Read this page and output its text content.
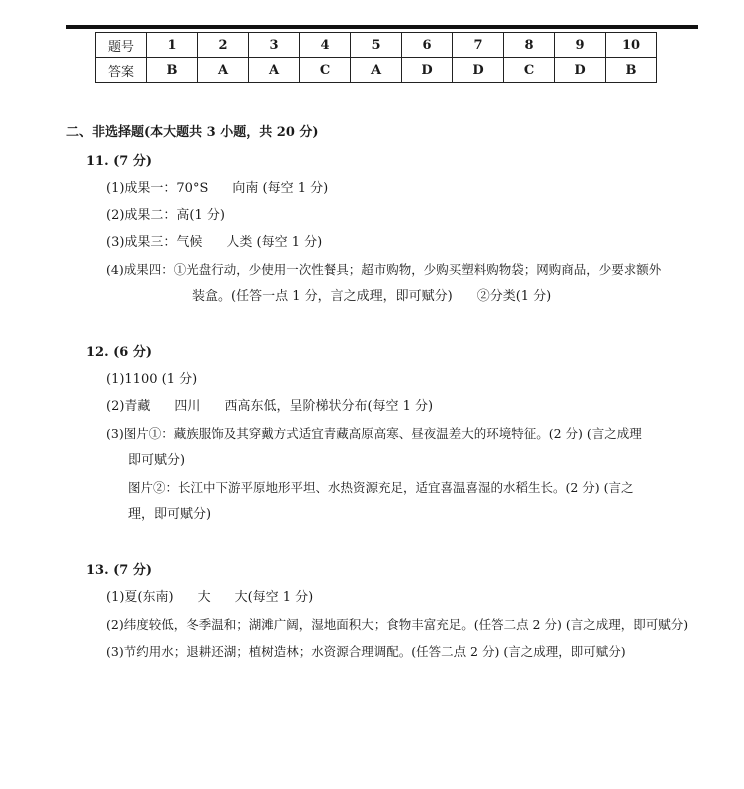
题号	1	2	3	4	5	6	7	8	9	10
答案	B	A	A	C	A	D	D	C	D	B
二、非选择题(本大题共 3 小题，共 20 分)
11. (7 分)
(1)成果一：70°S 向南 (每空 1 分)
(2)成果二：高(1 分)
(3)成果三：气候 人类 (每空 1 分)
(4)成果四：①光盘行动，少使用一次性餐具；超市购物，少购买塑料购物袋；网购商品，少要求额外
装盒。(任答一点 1 分，言之成理，即可赋分) ②分类(1 分)
12. (6 分)
(1)1100 (1 分)
(2)青藏 四川 西高东低，呈阶梯状分布(每空 1 分)
(3)图片①：藏族服饰及其穿戴方式适宜青藏高原高寒、昼夜温差大的环境特征。(2 分) (言之成理
即可赋分)
图片②：长江中下游平原地形平坦、水热资源充足，适宜喜温喜湿的水稻生长。(2 分) (言之
理，即可赋分)
13. (7 分)
(1)夏(东南) 大 大(每空 1 分)
(2)纬度较低，冬季温和；湖滩广阔，湿地面积大；食物丰富充足。(任答二点 2 分) (言之成理，即可赋分)
(3)节约用水；退耕还湖；植树造林；水资源合理调配。(任答二点 2 分) (言之成理，即可赋分)
